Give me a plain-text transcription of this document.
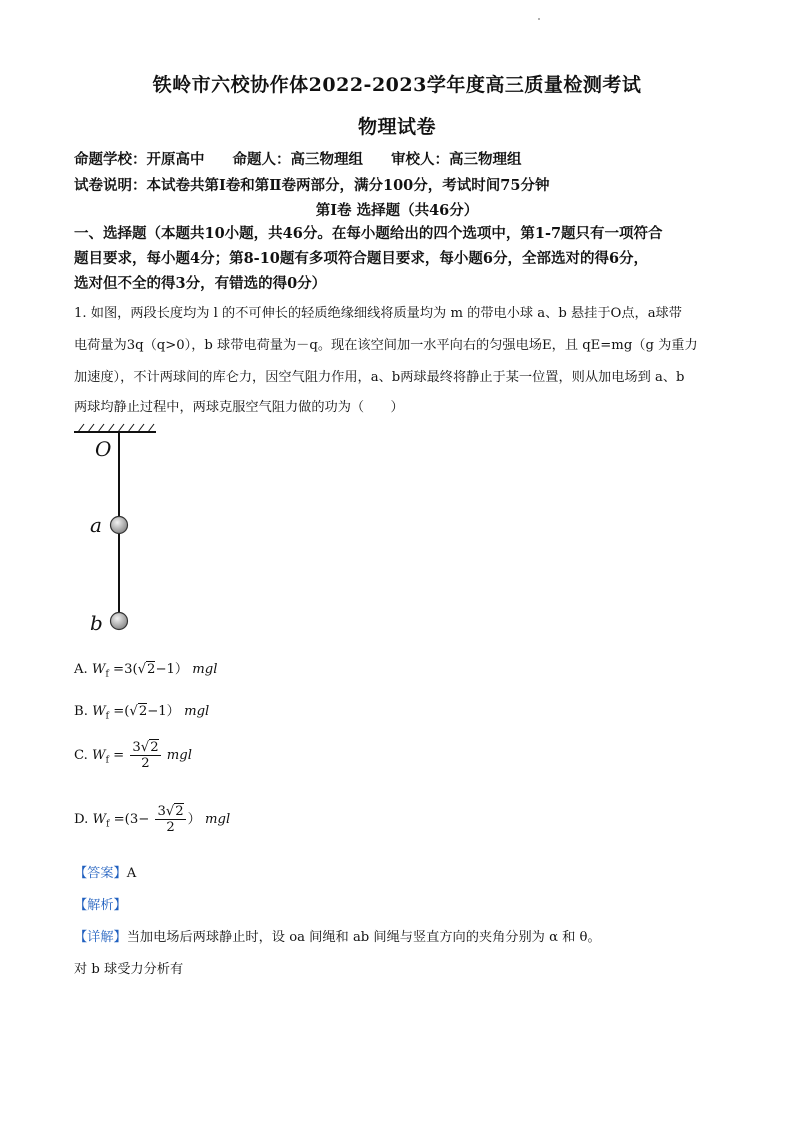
铁岭市六校协作体2022-2023学年度高三质量检测考试
物理试卷
命题学校：开原高中 命题人：高三物理组 审校人：高三物理组
试卷说明：本试卷共第Ⅰ卷和第Ⅱ卷两部分，满分100分，考试时间75分钟
第Ⅰ卷 选择题（共46分）
一、选择题（本题共10小题，共46分。在每小题给出的四个选项中，第1-7题只有一项符合
题目要求，每小题4分；第8-10题有多项符合题目要求，每小题6分，全部选对的得6分，
选对但不全的得3分，有错选的得0分）
1. 如图，两段长度均为 l 的不可伸长的轻质绝缘细线将质量均为 m 的带电小球 a、b 悬挂于O点，a球带
电荷量为3q（q>0），b 球带电荷量为－q。现在该空间加一水平向右的匀强电场E，且 qE=mg（g 为重力
加速度），不计两球间的库仑力，因空气阻力作用，a、b两球最终将静止于某一位置，则从加电场到 a、b
两球均静止过程中，两球克服空气阻力做的功为（　　）
O
a
b
A. $W_f =3(√2-1)$ mgl
B. $W_f =(√2-1)$ mgl
C. $W_f = \frac{3√2}{2}$ mgl
D. $W_f =(3- \frac{3√2}{2}$ ） mgl
【答案】A
【解析】
【详解】当加电场后两球静止时，设 oa 间绳和 ab 间绳与竖直方向的夹角分别为 α 和 θ。
对 b 球受力分析有
